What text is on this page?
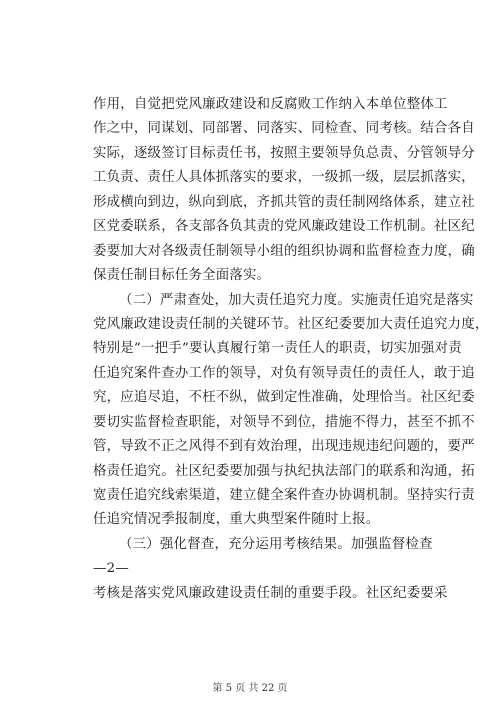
作用，自觉把党风廉政建设和反腐败工作纳入本单位整体工
作之中，同谋划、同部署、同落实、同检查、同考核。结合各自
实际，逐级签订目标责任书，按照主要领导负总责、分管领导分
工负责、责任人具体抓落实的要求，一级抓一级，层层抓落实，
形成横向到边，纵向到底，齐抓共管的责任制网络体系，建立社
区党委联系，各支部各负其责的党风廉政建设工作机制。社区纪
委要加大对各级责任制领导小组的组织协调和监督检查力度，确
保责任制目标任务全面落实。
（二）严肃查处，加大责任追究力度。实施责任追究是落实
党风廉政建设责任制的关键环节。社区纪委要加大责任追究力度，
特别是“一把手”要认真履行第一责任人的职责，切实加强对责
任追究案件查办工作的领导，对负有领导责任的责任人，敢于追
究，应追尽追，不枉不纵，做到定性准确，处理恰当。社区纪委
要切实监督检查职能，对领导不到位，措施不得力，甚至不抓不
管，导致不正之风得不到有效治理，出现违规违纪问题的，要严
格责任追究。社区纪委要加强与执纪执法部门的联系和沟通，拓
宽责任追究线索渠道，建立健全案件查办协调机制。坚持实行责
任追究情况季报制度，重大典型案件随时上报。
（三）强化督查，充分运用考核结果。加强监督检查
—2—
考核是落实党风廉政建设责任制的重要手段。社区纪委要采
第 5 页 共 22 页
